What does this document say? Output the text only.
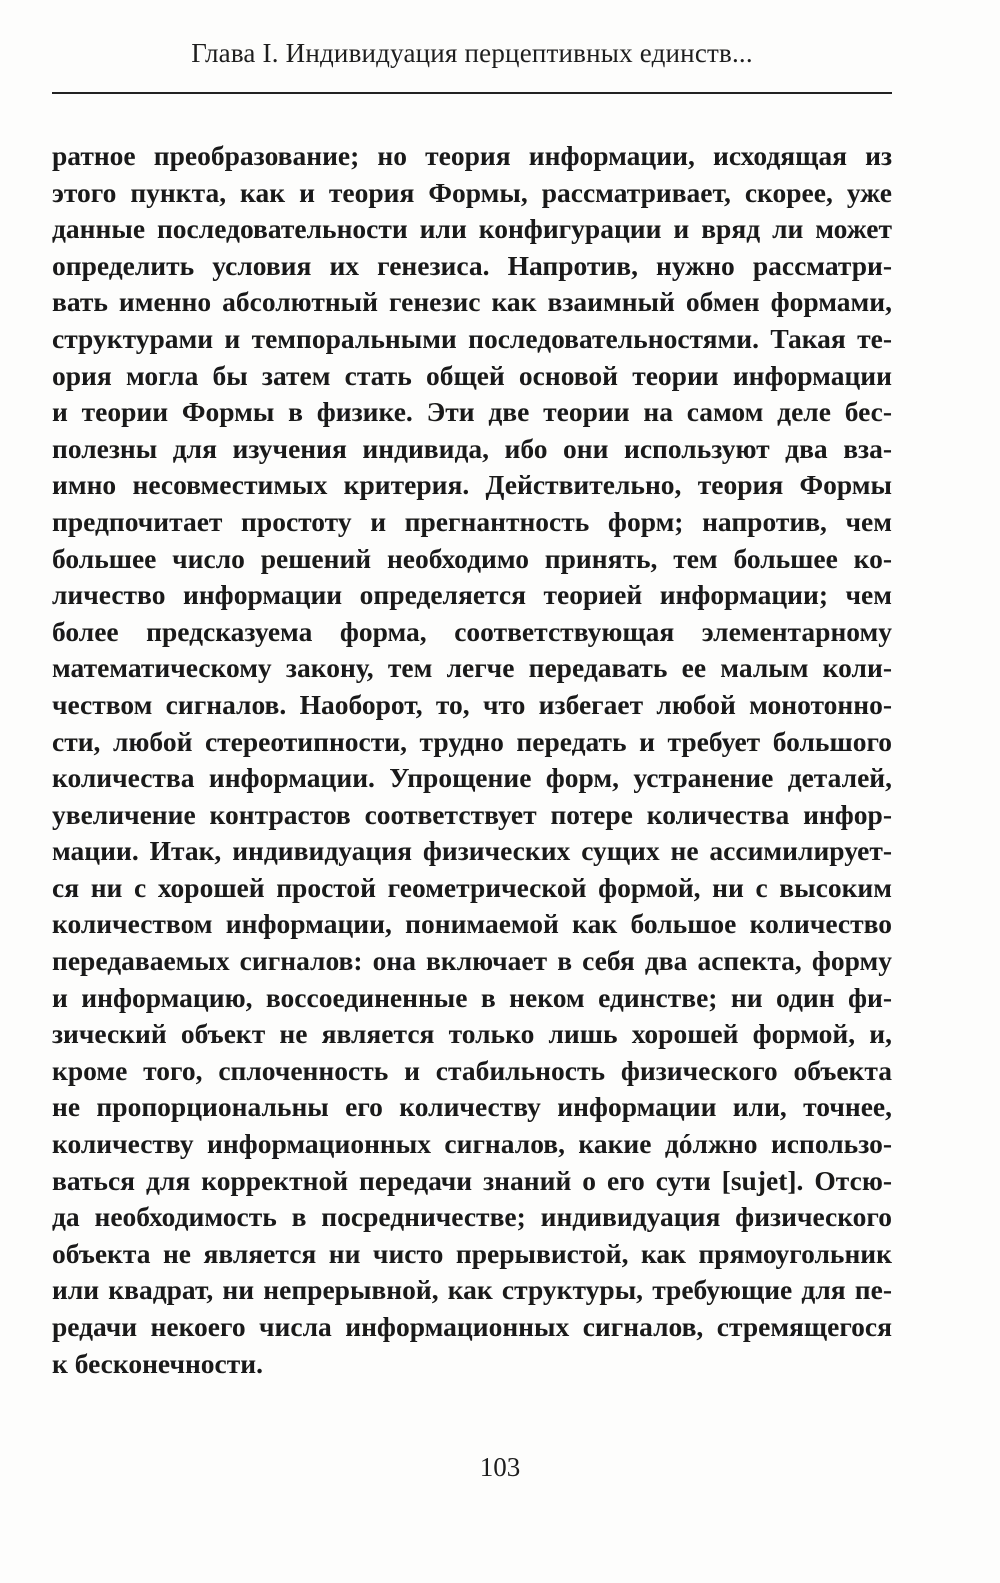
Глава I. Индивидуация перцептивных единств...
ратное преобразование; но теория информации, исходящая из
этого пункта, как и теория Формы, рассматривает, скорее, уже
данные последовательности или конфигурации и вряд ли может
определить условия их генезиса. Напротив, нужно рассматри-
вать именно абсолютный генезис как взаимный обмен формами,
структурами и темпоральными последовательностями. Такая те-
ория могла бы затем стать общей основой теории информации
и теории Формы в физике. Эти две теории на самом деле бес-
полезны для изучения индивида, ибо они используют два вза-
имно несовместимых критерия. Действительно, теория Формы
предпочитает простоту и прегнантность форм; напротив, чем
большее число решений необходимо принять, тем большее ко-
личество информации определяется теорией информации; чем
более предсказуема форма, соответствующая элементарному
математическому закону, тем легче передавать ее малым коли-
чеством сигналов. Наоборот, то, что избегает любой монотонно-
сти, любой стереотипности, трудно передать и требует большого
количества информации. Упрощение форм, устранение деталей,
увеличение контрастов соответствует потере количества инфор-
мации. Итак, индивидуация физических сущих не ассимилирует-
ся ни с хорошей простой геометрической формой, ни с высоким
количеством информации, понимаемой как большое количество
передаваемых сигналов: она включает в себя два аспекта, форму
и информацию, воссоединенные в неком единстве; ни один фи-
зический объект не является только лишь хорошей формой, и,
кроме того, сплоченность и стабильность физического объекта
не пропорциональны его количеству информации или, точнее,
количеству информационных сигналов, какие дóлжно использо-
ваться для корректной передачи знаний о его сути [sujet]. Отсю-
да необходимость в посредничестве; индивидуация физического
объекта не является ни чисто прерывистой, как прямоугольник
или квадрат, ни непрерывной, как структуры, требующие для пе-
редачи некоего числа информационных сигналов, стремящегося
к бесконечности.
103
